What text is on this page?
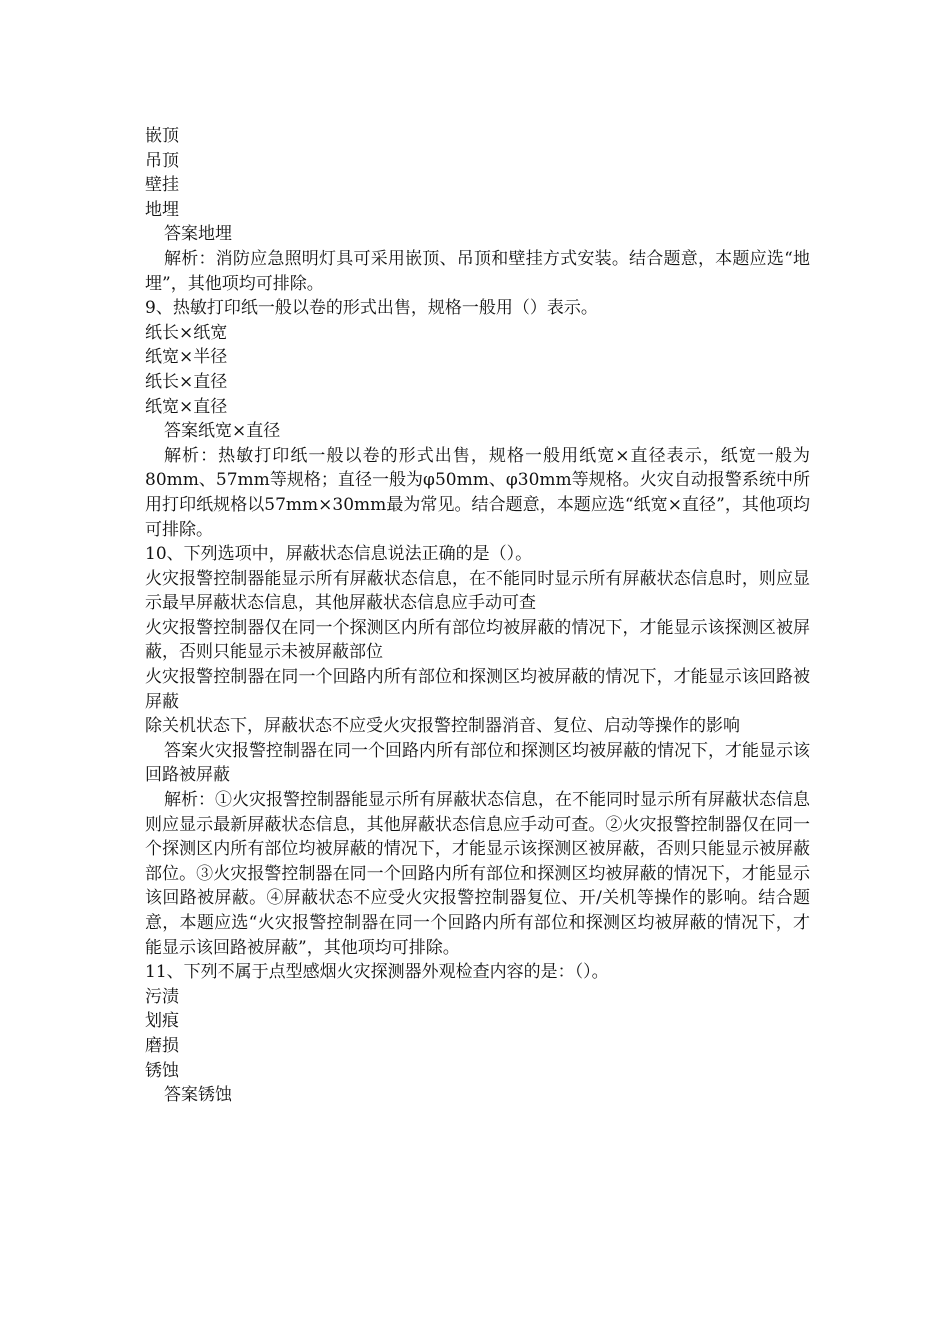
嵌顶
吊顶
壁挂
地埋
答案地埋
解析：消防应急照明灯具可采用嵌顶、吊顶和壁挂方式安装。结合题意，本题应选“地埋”，其他项均可排除。
9、热敏打印纸一般以卷的形式出售，规格一般用（）表示。
纸长×纸宽
纸宽×半径
纸长×直径
纸宽×直径
答案纸宽×直径
解析：热敏打印纸一般以卷的形式出售，规格一般用纸宽×直径表示，纸宽一般为80mm、57mm等规格；直径一般为φ50mm、φ30mm等规格。火灾自动报警系统中所用打印纸规格以57mm×30mm最为常见。结合题意，本题应选“纸宽×直径”，其他项均可排除。
10、下列选项中，屏蔽状态信息说法正确的是（）。
火灾报警控制器能显示所有屏蔽状态信息，在不能同时显示所有屏蔽状态信息时，则应显示最早屏蔽状态信息，其他屏蔽状态信息应手动可查
火灾报警控制器仅在同一个探测区内所有部位均被屏蔽的情况下，才能显示该探测区被屏蔽，否则只能显示未被屏蔽部位
火灾报警控制器在同一个回路内所有部位和探测区均被屏蔽的情况下，才能显示该回路被屏蔽
除关机状态下，屏蔽状态不应受火灾报警控制器消音、复位、启动等操作的影响
答案火灾报警控制器在同一个回路内所有部位和探测区均被屏蔽的情况下，才能显示该回路被屏蔽
解析：①火灾报警控制器能显示所有屏蔽状态信息，在不能同时显示所有屏蔽状态信息则应显示最新屏蔽状态信息，其他屏蔽状态信息应手动可查。②火灾报警控制器仅在同一个探测区内所有部位均被屏蔽的情况下，才能显示该探测区被屏蔽，否则只能显示被屏蔽部位。③火灾报警控制器在同一个回路内所有部位和探测区均被屏蔽的情况下，才能显示该回路被屏蔽。④屏蔽状态不应受火灾报警控制器复位、开/关机等操作的影响。结合题意，本题应选“火灾报警控制器在同一个回路内所有部位和探测区均被屏蔽的情况下，才能显示该回路被屏蔽”，其他项均可排除。
11、下列不属于点型感烟火灾探测器外观检查内容的是：（）。
污渍
划痕
磨损
锈蚀
答案锈蚀
